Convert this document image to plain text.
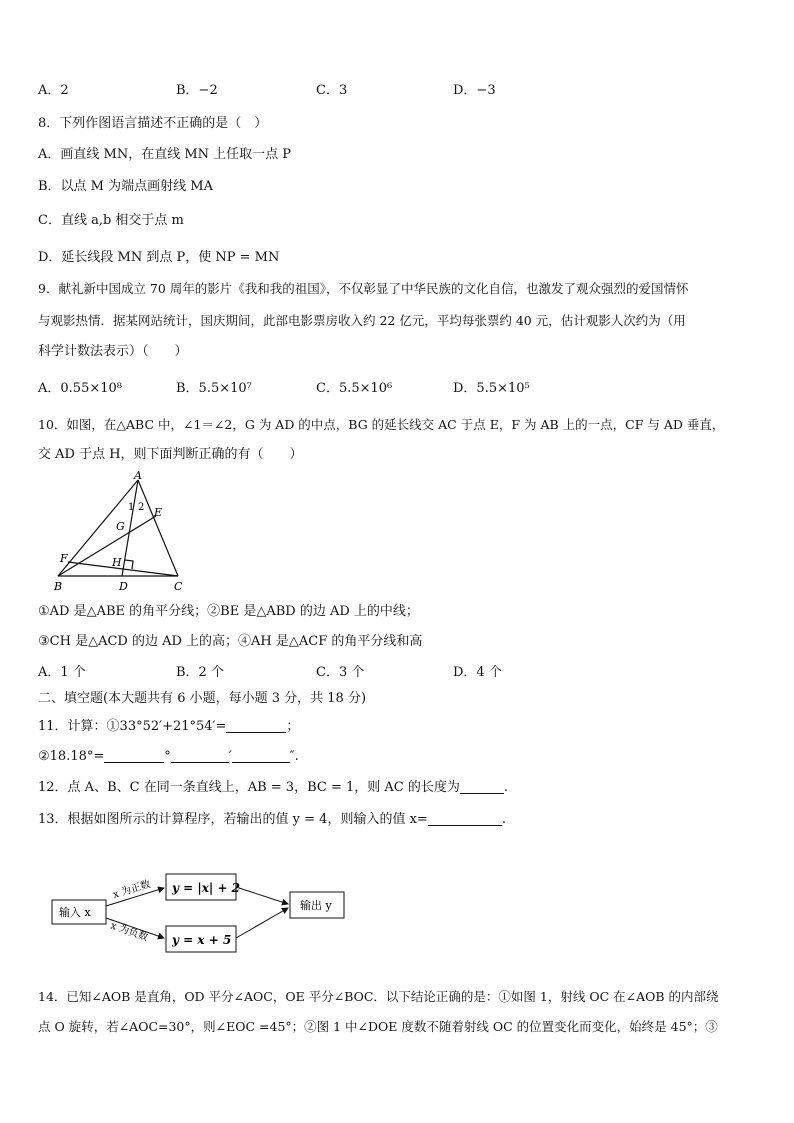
A．2	B．−2	C．3	D．−3
8．下列作图语言描述不正确的是（　）
A．画直线 MN，在直线 MN 上任取一点 P
B．以点 M 为端点画射线 MA
C．直线 a,b 相交于点 m
D．延长线段 MN 到点 P，使 NP = MN
9．献礼新中国成立 70 周年的影片《我和我的祖国》，不仅彰显了中华民族的文化自信，也激发了观众强烈的爱国情怀
与观影热情．据某网站统计，国庆期间，此部电影票房收入约 22 亿元，平均每张票约 40 元，估计观影人次约为（用
科学计数法表示）（　　）
A．0.55×10⁸	B．5.5×10⁷	C．5.5×10⁶	D．5.5×10⁵
10．如图，在△ABC 中，∠1＝∠2，G 为 AD 的中点，BG 的延长线交 AC 于点 E，F 为 AB 上的一点，CF 与 AD 垂直，
交 AD 于点 H，则下面判断正确的有（　　）
A
B	C
D
E
F
G
H
1 2
①AD 是△ABE 的角平分线；②BE 是△ABD 的边 AD 上的中线；
③CH 是△ACD 的边 AD 上的高；④AH 是△ACF 的角平分线和高
A．1 个	B．2 个	C．3 个	D．4 个
二、填空题(本大题共有 6 小题，每小题 3 分，共 18 分)
11．计算：①33°52′+21°54′=	；
②18.18°=	°	′	″.
12．点 A、B、C 在同一条直线上，AB = 3，BC = 1，则 AC 的长度为	.
13．根据如图所示的计算程序，若输出的值 y = 4，则输入的值 x=	.
输入 x
x 为正数
x 为负数
y = |x| + 2
y = x + 5
输出 y
14．已知∠AOB 是直角，OD 平分∠AOC，OE 平分∠BOC．以下结论正确的是：①如图 1，射线 OC 在∠AOB 的内部绕
点 O 旋转，若∠AOC=30°，则∠EOC =45°；②图 1 中∠DOE 度数不随着射线 OC 的位置变化而变化，始终是 45°；③
